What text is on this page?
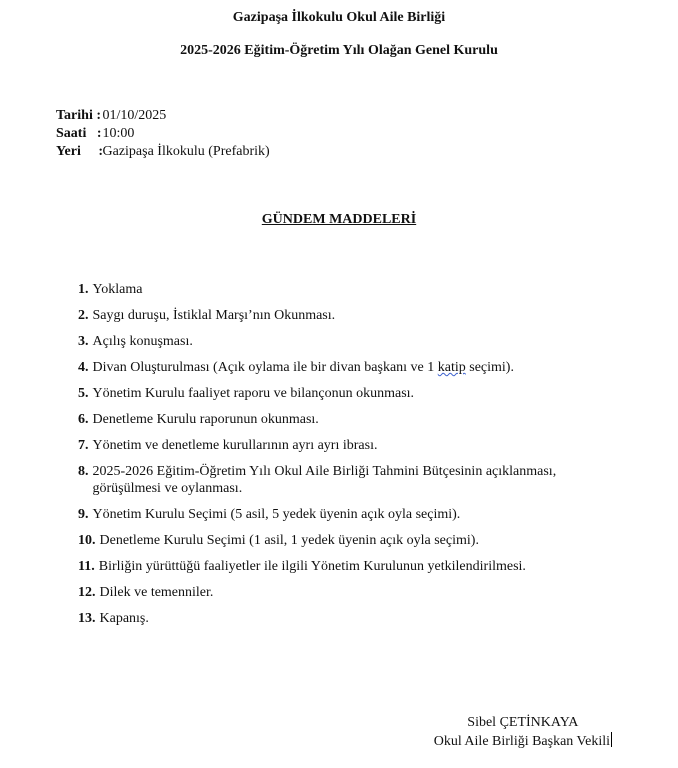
Gazipaşa İlkokulu Okul Aile Birliği
2025-2026 Eğitim-Öğretim Yılı Olağan Genel Kurulu
Tarihi :
01/10/2025
Saati   :
10:00
Yeri     :
Gazipaşa İlkokulu (Prefabrik)
GÜNDEM MADDELERİ
1. Yoklama
2. Saygı duruşu, İstiklal Marşı’nın Okunması.
3. Açılış konuşması.
4. Divan Oluşturulması (Açık oylama ile bir divan başkanı ve 1 katip seçimi).
5. Yönetim Kurulu faaliyet raporu ve bilançonun okunması.
6. Denetleme Kurulu raporunun okunması.
7. Yönetim ve denetleme kurullarının ayrı ayrı ibrası.
8. 2025-2026 Eğitim-Öğretim Yılı Okul Aile Birliği Tahmini Bütçesinin açıklanması, görüşülmesi ve oylanması.
9. Yönetim Kurulu Seçimi (5 asil, 5 yedek üyenin açık oyla seçimi).
10. Denetleme Kurulu Seçimi (1 asil, 1 yedek üyenin açık oyla seçimi).
11. Birliğin yürüttüğü faaliyetler ile ilgili Yönetim Kurulunun yetkilendirilmesi.
12. Dilek ve temenniler.
13. Kapanış.
Sibel ÇETİNKAYA
Okul Aile Birliği Başkan Vekili
